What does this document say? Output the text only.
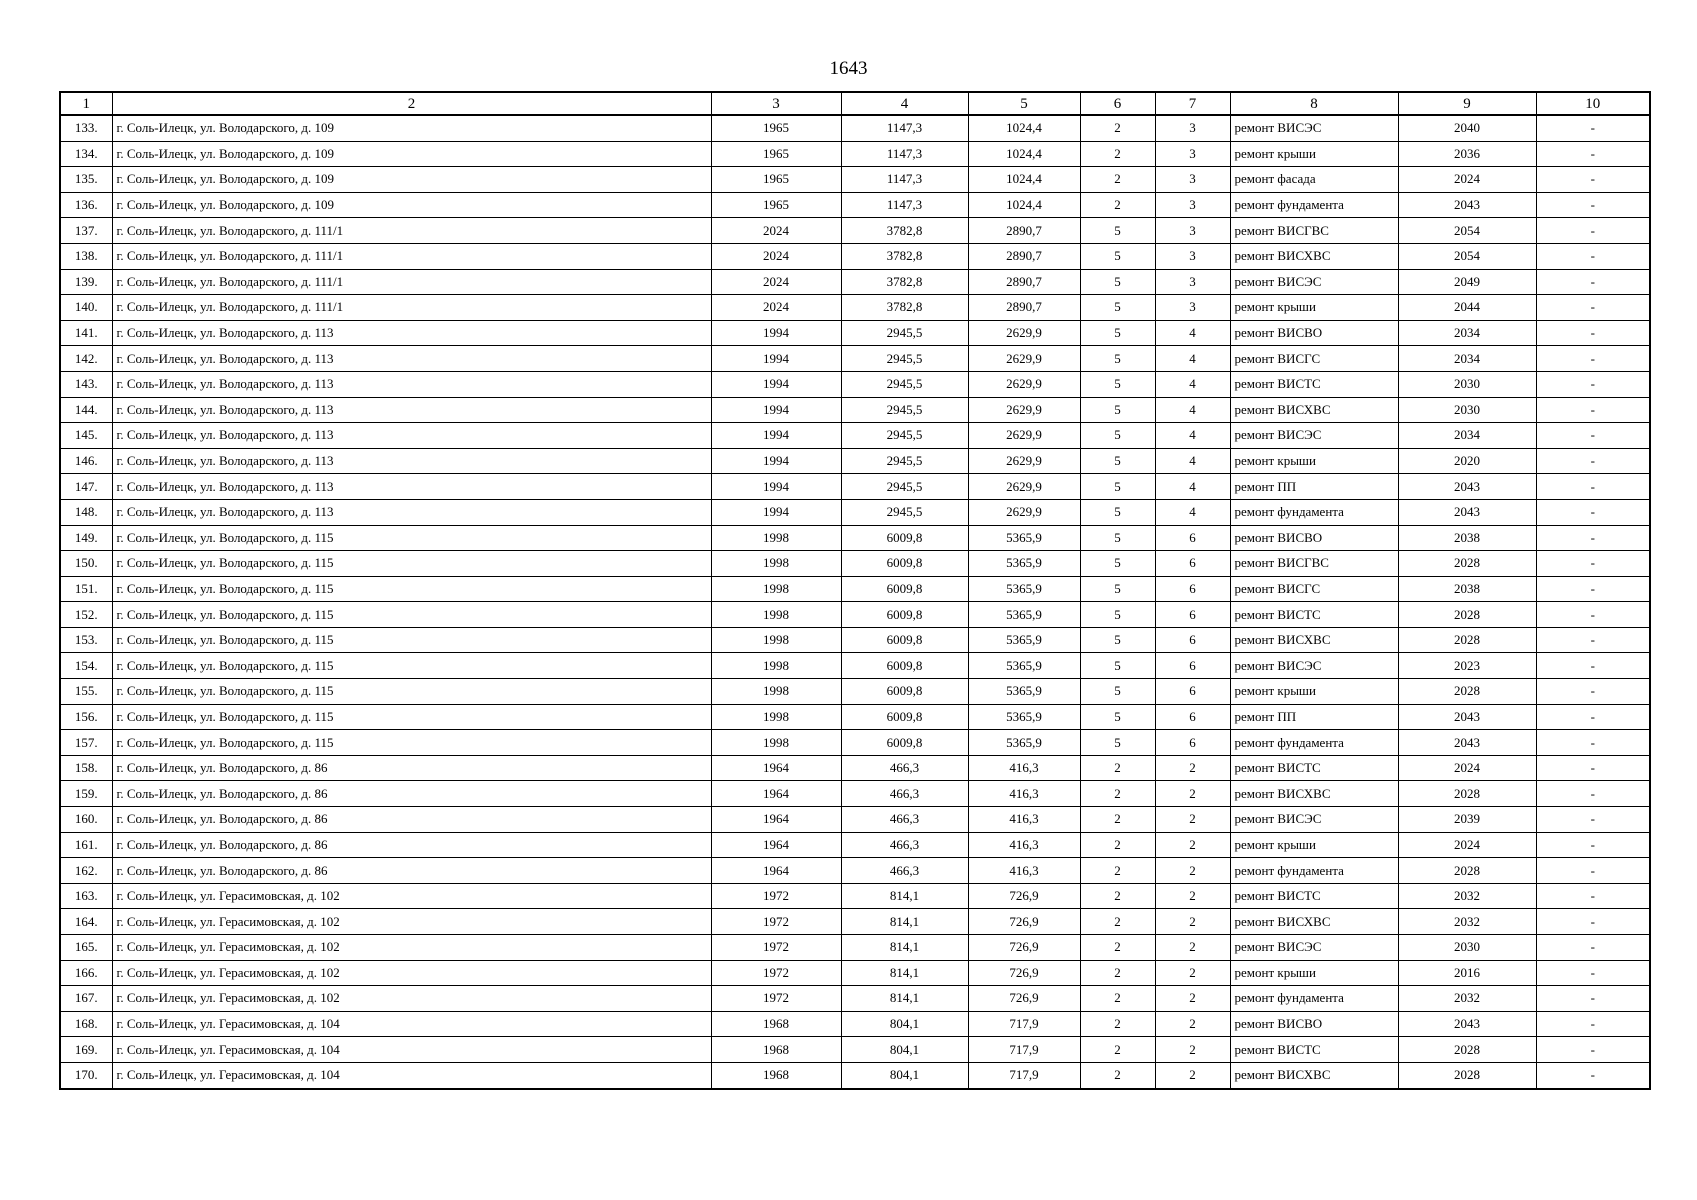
1643
1	2	3	4	5	6	7	8	9	10
133.	г. Соль-Илецк, ул. Володарского, д. 109	1965	1147,3	1024,4	2	3	ремонт ВИСЭС	2040	-
134.	г. Соль-Илецк, ул. Володарского, д. 109	1965	1147,3	1024,4	2	3	ремонт крыши	2036	-
135.	г. Соль-Илецк, ул. Володарского, д. 109	1965	1147,3	1024,4	2	3	ремонт фасада	2024	-
136.	г. Соль-Илецк, ул. Володарского, д. 109	1965	1147,3	1024,4	2	3	ремонт фундамента	2043	-
137.	г. Соль-Илецк, ул. Володарского, д. 111/1	2024	3782,8	2890,7	5	3	ремонт ВИСГВС	2054	-
138.	г. Соль-Илецк, ул. Володарского, д. 111/1	2024	3782,8	2890,7	5	3	ремонт ВИСХВС	2054	-
139.	г. Соль-Илецк, ул. Володарского, д. 111/1	2024	3782,8	2890,7	5	3	ремонт ВИСЭС	2049	-
140.	г. Соль-Илецк, ул. Володарского, д. 111/1	2024	3782,8	2890,7	5	3	ремонт крыши	2044	-
141.	г. Соль-Илецк, ул. Володарского, д. 113	1994	2945,5	2629,9	5	4	ремонт ВИСВО	2034	-
142.	г. Соль-Илецк, ул. Володарского, д. 113	1994	2945,5	2629,9	5	4	ремонт ВИСГС	2034	-
143.	г. Соль-Илецк, ул. Володарского, д. 113	1994	2945,5	2629,9	5	4	ремонт ВИСТС	2030	-
144.	г. Соль-Илецк, ул. Володарского, д. 113	1994	2945,5	2629,9	5	4	ремонт ВИСХВС	2030	-
145.	г. Соль-Илецк, ул. Володарского, д. 113	1994	2945,5	2629,9	5	4	ремонт ВИСЭС	2034	-
146.	г. Соль-Илецк, ул. Володарского, д. 113	1994	2945,5	2629,9	5	4	ремонт крыши	2020	-
147.	г. Соль-Илецк, ул. Володарского, д. 113	1994	2945,5	2629,9	5	4	ремонт ПП	2043	-
148.	г. Соль-Илецк, ул. Володарского, д. 113	1994	2945,5	2629,9	5	4	ремонт фундамента	2043	-
149.	г. Соль-Илецк, ул. Володарского, д. 115	1998	6009,8	5365,9	5	6	ремонт ВИСВО	2038	-
150.	г. Соль-Илецк, ул. Володарского, д. 115	1998	6009,8	5365,9	5	6	ремонт ВИСГВС	2028	-
151.	г. Соль-Илецк, ул. Володарского, д. 115	1998	6009,8	5365,9	5	6	ремонт ВИСГС	2038	-
152.	г. Соль-Илецк, ул. Володарского, д. 115	1998	6009,8	5365,9	5	6	ремонт ВИСТС	2028	-
153.	г. Соль-Илецк, ул. Володарского, д. 115	1998	6009,8	5365,9	5	6	ремонт ВИСХВС	2028	-
154.	г. Соль-Илецк, ул. Володарского, д. 115	1998	6009,8	5365,9	5	6	ремонт ВИСЭС	2023	-
155.	г. Соль-Илецк, ул. Володарского, д. 115	1998	6009,8	5365,9	5	6	ремонт крыши	2028	-
156.	г. Соль-Илецк, ул. Володарского, д. 115	1998	6009,8	5365,9	5	6	ремонт ПП	2043	-
157.	г. Соль-Илецк, ул. Володарского, д. 115	1998	6009,8	5365,9	5	6	ремонт фундамента	2043	-
158.	г. Соль-Илецк, ул. Володарского, д. 86	1964	466,3	416,3	2	2	ремонт ВИСТС	2024	-
159.	г. Соль-Илецк, ул. Володарского, д. 86	1964	466,3	416,3	2	2	ремонт ВИСХВС	2028	-
160.	г. Соль-Илецк, ул. Володарского, д. 86	1964	466,3	416,3	2	2	ремонт ВИСЭС	2039	-
161.	г. Соль-Илецк, ул. Володарского, д. 86	1964	466,3	416,3	2	2	ремонт крыши	2024	-
162.	г. Соль-Илецк, ул. Володарского, д. 86	1964	466,3	416,3	2	2	ремонт фундамента	2028	-
163.	г. Соль-Илецк, ул. Герасимовская, д. 102	1972	814,1	726,9	2	2	ремонт ВИСТС	2032	-
164.	г. Соль-Илецк, ул. Герасимовская, д. 102	1972	814,1	726,9	2	2	ремонт ВИСХВС	2032	-
165.	г. Соль-Илецк, ул. Герасимовская, д. 102	1972	814,1	726,9	2	2	ремонт ВИСЭС	2030	-
166.	г. Соль-Илецк, ул. Герасимовская, д. 102	1972	814,1	726,9	2	2	ремонт крыши	2016	-
167.	г. Соль-Илецк, ул. Герасимовская, д. 102	1972	814,1	726,9	2	2	ремонт фундамента	2032	-
168.	г. Соль-Илецк, ул. Герасимовская, д. 104	1968	804,1	717,9	2	2	ремонт ВИСВО	2043	-
169.	г. Соль-Илецк, ул. Герасимовская, д. 104	1968	804,1	717,9	2	2	ремонт ВИСТС	2028	-
170.	г. Соль-Илецк, ул. Герасимовская, д. 104	1968	804,1	717,9	2	2	ремонт ВИСХВС	2028	-
